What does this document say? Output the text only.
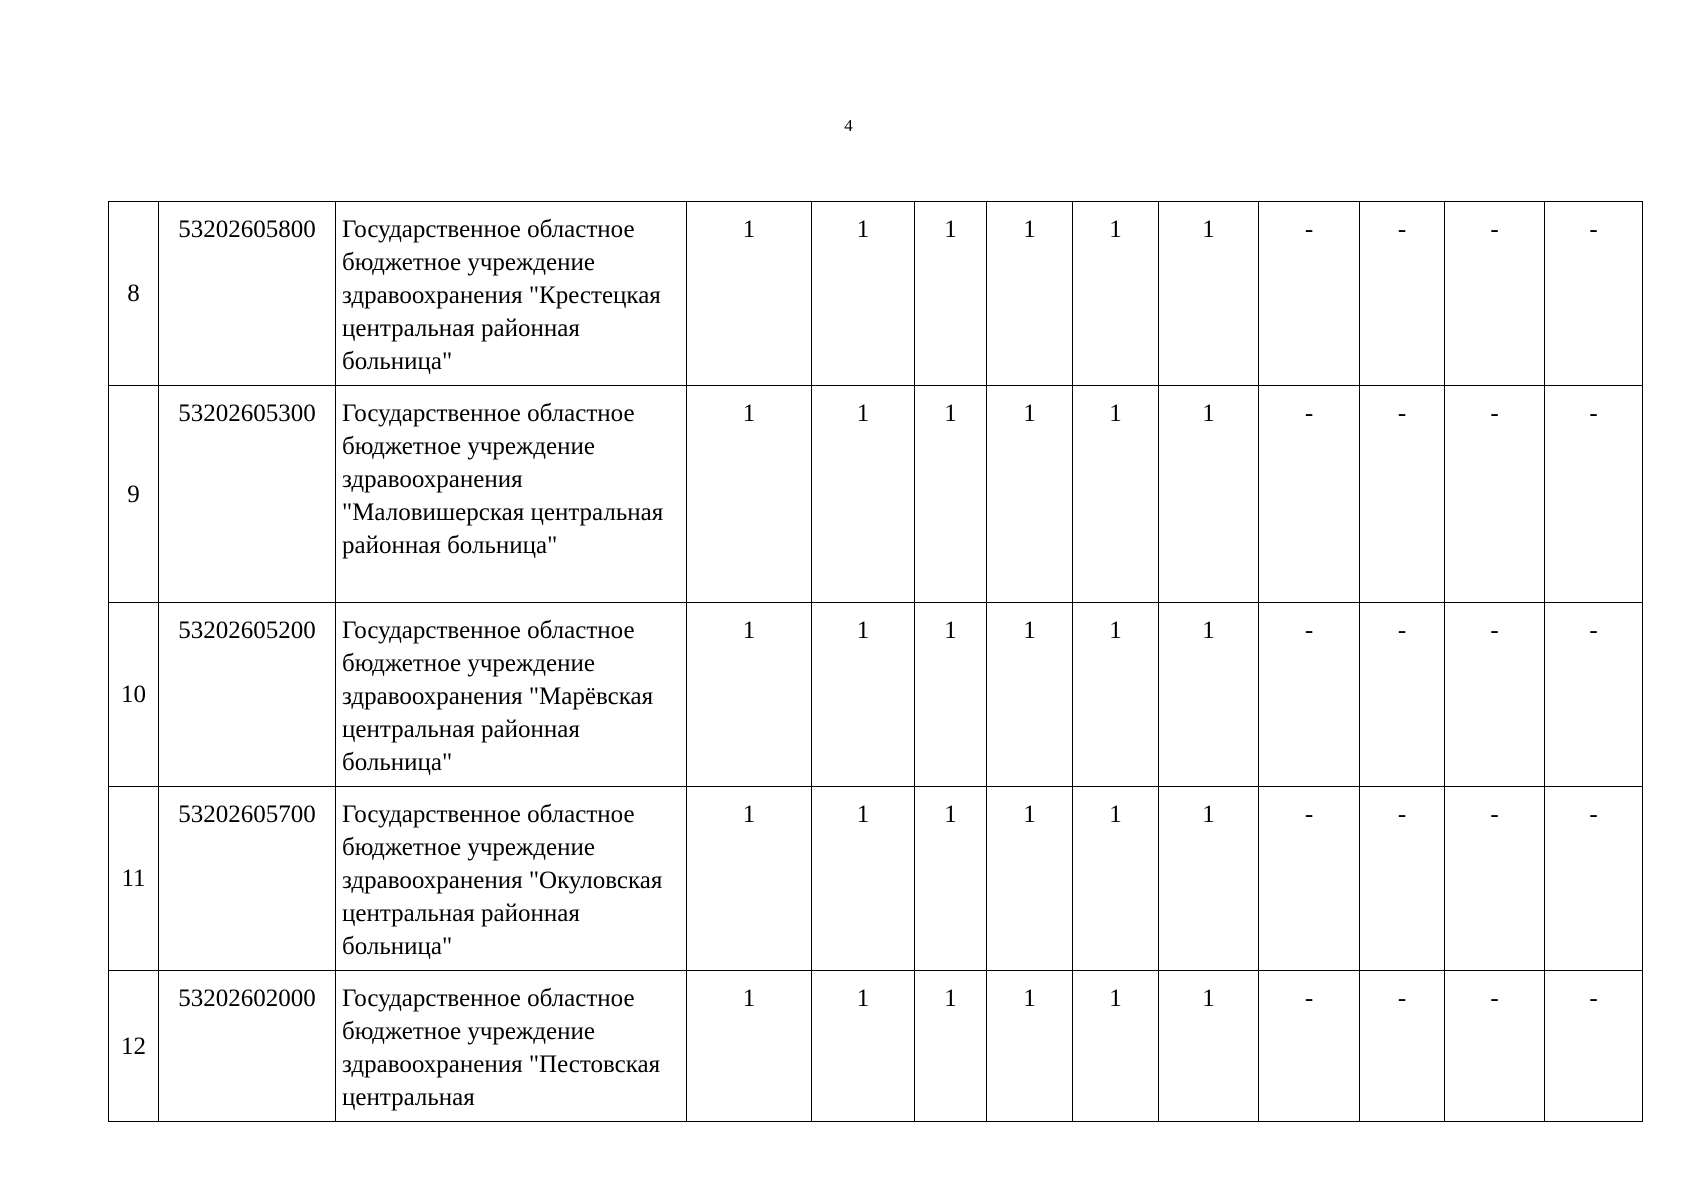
4
8	53202605800	Государственное областное бюджетное учреждение здравоохранения "Крестецкая центральная районная больница"	1	1	1	1	1	1	-	-	-	-
9	53202605300	Государственное областное бюджетное учреждение здравоохранения "Маловишерская центральная районная больница"	1	1	1	1	1	1	-	-	-	-
10	53202605200	Государственное областное бюджетное учреждение здравоохранения "Марёвская центральная районная больница"	1	1	1	1	1	1	-	-	-	-
11	53202605700	Государственное областное бюджетное учреждение здравоохранения "Окуловская центральная районная больница"	1	1	1	1	1	1	-	-	-	-
12	53202602000	Государственное областное бюджетное учреждение здравоохранения "Пестовская центральная	1	1	1	1	1	1	-	-	-	-
